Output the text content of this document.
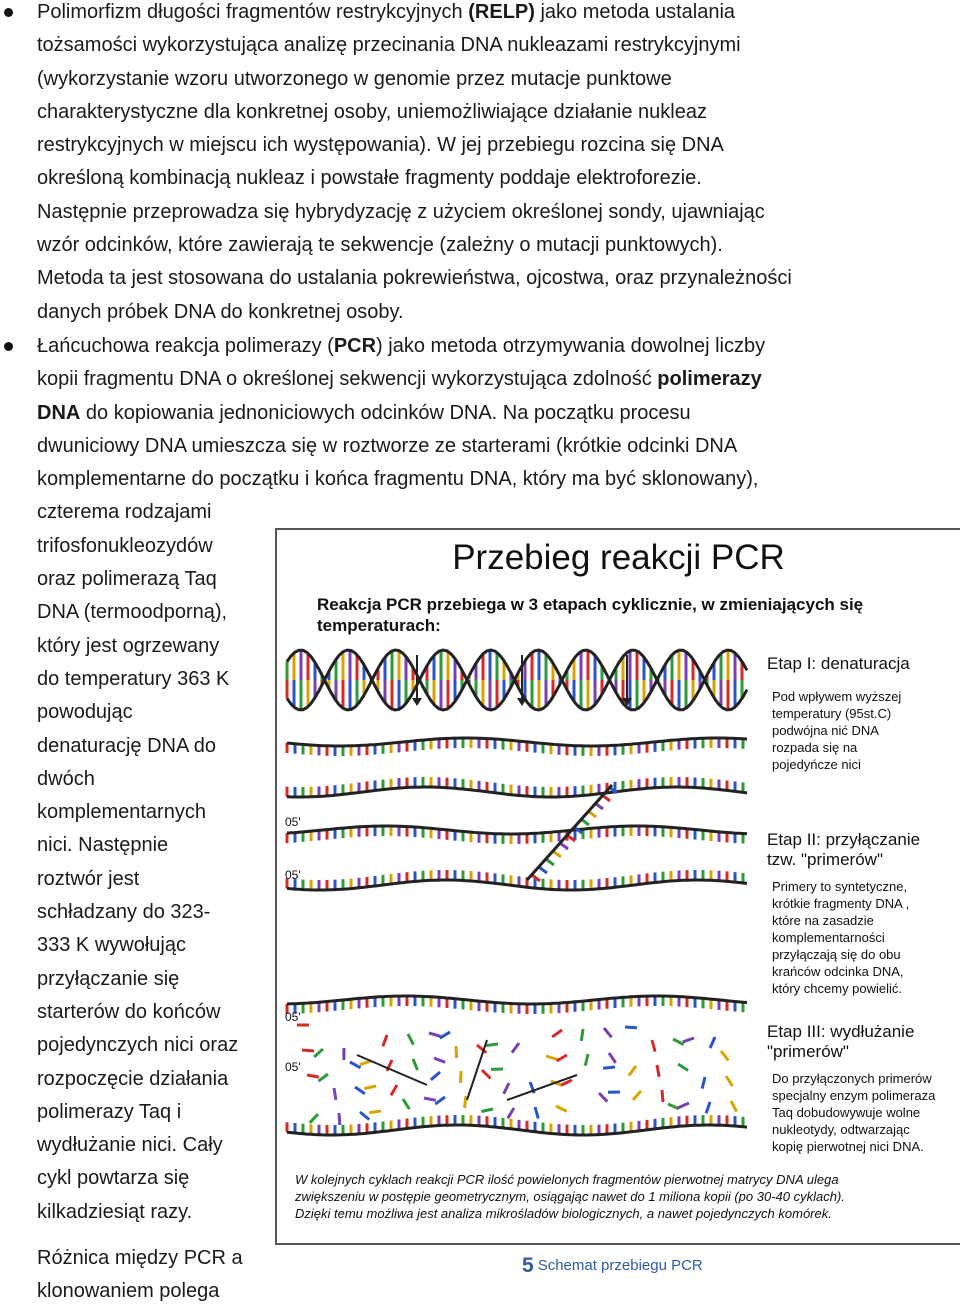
Polimorfizm długości fragmentów restrykcyjnych (RELP) jako metoda ustalania
tożsamości wykorzystująca analizę przecinania DNA nukleazami restrykcyjnymi
(wykorzystanie wzoru utworzonego w genomie przez mutacje punktowe
charakterystyczne dla konkretnej osoby, uniemożliwiające działanie nukleaz
restrykcyjnych w miejscu ich występowania). W jej przebiegu rozcina się DNA
określoną kombinacją nukleaz i powstałe fragmenty poddaje elektroforezie.
Następnie przeprowadza się hybrydyzację z użyciem określonej sondy, ujawniając
wzór odcinków, które zawierają te sekwencje (zależny o mutacji punktowych).
Metoda ta jest stosowana do ustalania pokrewieństwa, ojcostwa, oraz przynależności
danych próbek DNA do konkretnej osoby.
Łańcuchowa reakcja polimerazy (PCR) jako metoda otrzymywania dowolnej liczby
kopii fragmentu DNA o określonej sekwencji wykorzystująca zdolność polimerazy
DNA do kopiowania jednoniciowych odcinków DNA. Na początku procesu
dwuniciowy DNA umieszcza się w roztworze ze starterami (krótkie odcinki DNA
komplementarne do początku i końca fragmentu DNA, który ma być sklonowany),
czterema rodzajami
trifosfonukleozydów
oraz polimerazą Taq
DNA (termoodporną),
który jest ogrzewany
do temperatury 363 K
powodując
denaturację DNA do
dwóch
komplementarnych
nici. Następnie
roztwór jest
schładzany do 323-
333 K wywołując
przyłączanie się
starterów do końców
pojedynczych nici oraz
rozpoczęcie działania
polimerazy Taq i
wydłużanie nici. Cały
cykl powtarza się
kilkadziesiąt razy.
Różnica między PCR a
klonowaniem polega
Przebieg reakcji PCR
Reakcja PCR przebiega w 3 etapach cyklicznie, w zmieniających się
temperaturach:
Etap I: denaturacja
Pod wpływem wyższej
temperatury (95st.C)
podwójna nić DNA
rozpada się na
pojedyńcze nici
Etap II: przyłączanie
tzw. "primerów"
Primery to syntetyczne,
krótkie fragmenty DNA ,
które na zasadzie
komplementarności
przyłączają się do obu
krańców odcinka DNA,
który chcemy powielić.
Etap III: wydłużanie
"primerów"
Do przyłączonych primerów
specjalny enzym polimeraza
Taq dobudowywuje wolne
nukleotydy, odtwarzając
kopię pierwotnej nici DNA.
05'
05'
05'
05'
W kolejnych cyklach reakcji PCR ilość powielonych fragmentów pierwotnej matrycy DNA ulega
zwiększeniu w postępie geometrycznym, osiągając nawet do 1 miliona kopii (po 30-40 cyklach).
Dzięki temu możliwa jest analiza mikrośladów biologicznych, a nawet pojedynczych komórek.
5 Schemat przebiegu PCR
